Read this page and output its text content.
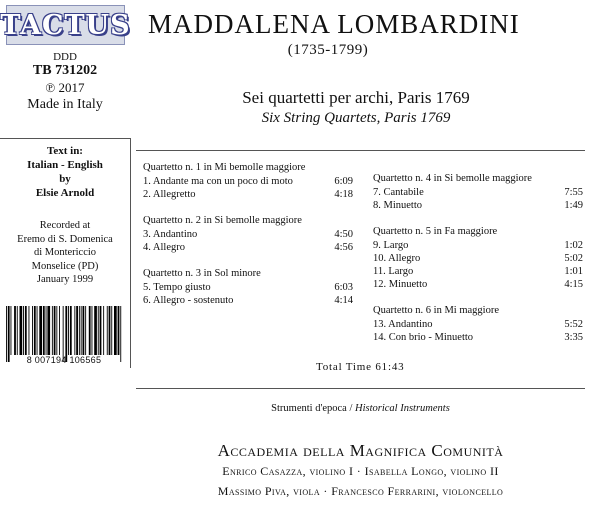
TACTUS
DDD
TB 731202
℗ 2017
Made in Italy
Text in:
Italian - English
by
Elsie Arnold
Recorded at
Eremo di S. Domenica
di Montericcio
Monselice (PD)
January 1999
8 007194 106565
MADDALENA LOMBARDINI
(1735-1799)
Sei quartetti per archi, Paris 1769
Six String Quartets, Paris 1769
Quartetto n. 1 in Mi bemolle maggiore
1. Andante ma con un poco di moto	6:09
2. Allegretto	4:18
Quartetto n. 2 in Si bemolle maggiore
3. Andantino	4:50
4. Allegro	4:56
Quartetto n. 3 in Sol minore
5. Tempo giusto	6:03
6. Allegro - sostenuto	4:14
Quartetto n. 4 in Si bemolle maggiore
7. Cantabile	7:55
8. Minuetto	1:49
Quartetto n. 5 in Fa maggiore
9. Largo	1:02
10. Allegro	5:02
11. Largo	1:01
12. Minuetto	4:15
Quartetto n. 6 in Mi maggiore
13. Andantino	5:52
14. Con brio - Minuetto	3:35
Total Time 61:43
Strumenti d'epoca / Historical Instruments
Accademia della Magnifica Comunità
Enrico Casazza, violino I · Isabella Longo, violino II
Massimo Piva, viola · Francesco Ferrarini, violoncello
